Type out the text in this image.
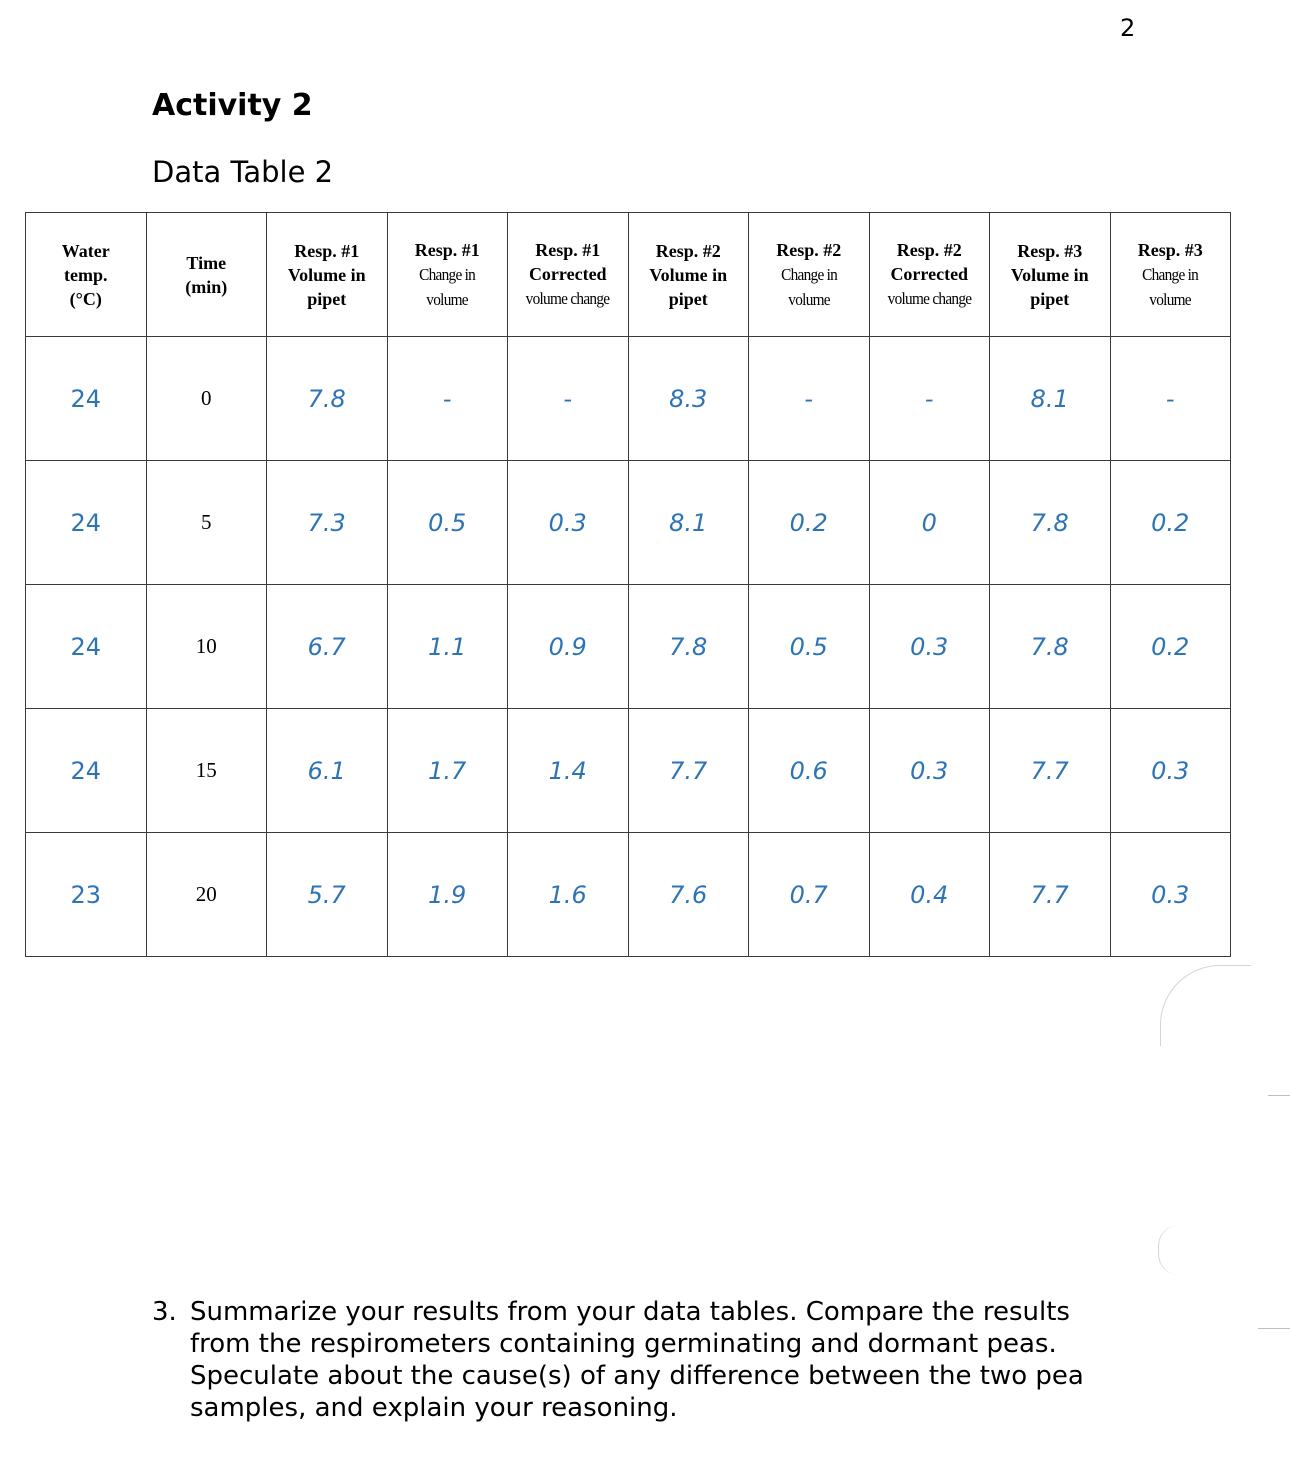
2
Activity 2
Data Table 2
Water
temp.
(°C)	Time
(min)	Resp. #1
Volume in
pipet	Resp. #1
Change in
volume	Resp. #1
Corrected
volume change	Resp. #2
Volume in
pipet	Resp. #2
Change in
volume	Resp. #2
Corrected
volume change	Resp. #3
Volume in
pipet	Resp. #3
Change in
volume
24	0	7.8	-	-	8.3	-	-	8.1	-
24	5	7.3	0.5	0.3	8.1	0.2	0	7.8	0.2
24	10	6.7	1.1	0.9	7.8	0.5	0.3	7.8	0.2
24	15	6.1	1.7	1.4	7.7	0.6	0.3	7.7	0.3
23	20	5.7	1.9	1.6	7.6	0.7	0.4	7.7	0.3
3. Summarize your results from your data tables. Compare the results from the respirometers containing germinating and dormant peas. Speculate about the cause(s) of any difference between the two pea samples, and explain your reasoning.
